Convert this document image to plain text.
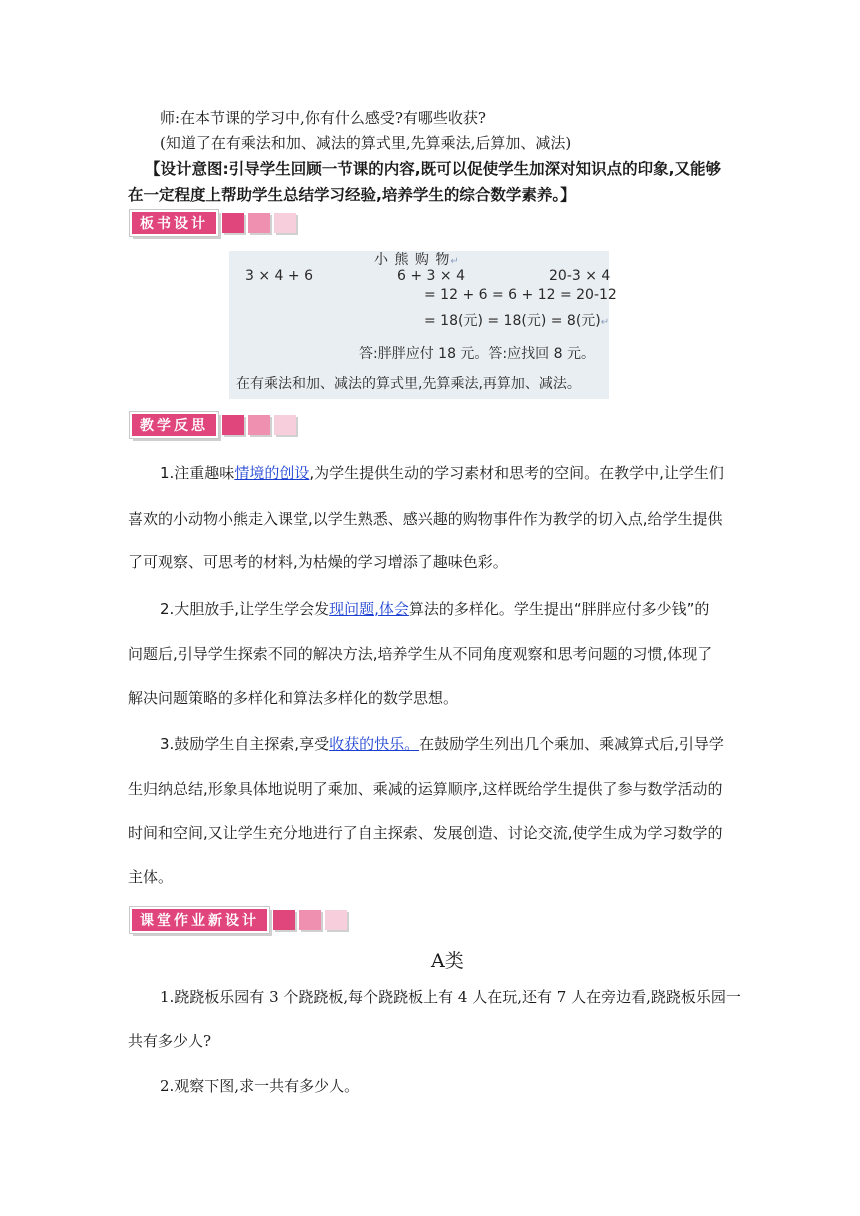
师:在本节课的学习中,你有什么感受?有哪些收获?
(知道了在有乘法和加、减法的算式里,先算乘法,后算加、减法)
【设计意图:引导学生回顾一节课的内容,既可以促使学生加深对知识点的印象,又能够
在一定程度上帮助学生总结学习经验,培养学生的综合数学素养。】
板书设计
小 熊 购 物↵
3 × 4 + 6	6 + 3 × 4	20-3 × 4
= 12 + 6 = 6 + 12 = 20-12
= 18(元) = 18(元) = 8(元)↵
答:胖胖应付 18 元。答:应找回 8 元。
在有乘法和加、减法的算式里,先算乘法,再算加、减法。
教学反思
1.注重趣味情境的创设,为学生提供生动的学习素材和思考的空间。在教学中,让学生们
喜欢的小动物小熊走入课堂,以学生熟悉、感兴趣的购物事件作为教学的切入点,给学生提供
了可观察、可思考的材料,为枯燥的学习增添了趣味色彩。
2.大胆放手,让学生学会发现问题,体会算法的多样化。学生提出“胖胖应付多少钱”的
问题后,引导学生探索不同的解决方法,培养学生从不同角度观察和思考问题的习惯,体现了
解决问题策略的多样化和算法多样化的数学思想。
3.鼓励学生自主探索,享受收获的快乐。在鼓励学生列出几个乘加、乘减算式后,引导学
生归纳总结,形象具体地说明了乘加、乘减的运算顺序,这样既给学生提供了参与数学活动的
时间和空间,又让学生充分地进行了自主探索、发展创造、讨论交流,使学生成为学习数学的
主体。
课堂作业新设计
A类
1.跷跷板乐园有 3 个跷跷板,每个跷跷板上有 4 人在玩,还有 7 人在旁边看,跷跷板乐园一
共有多少人?
2.观察下图,求一共有多少人。
